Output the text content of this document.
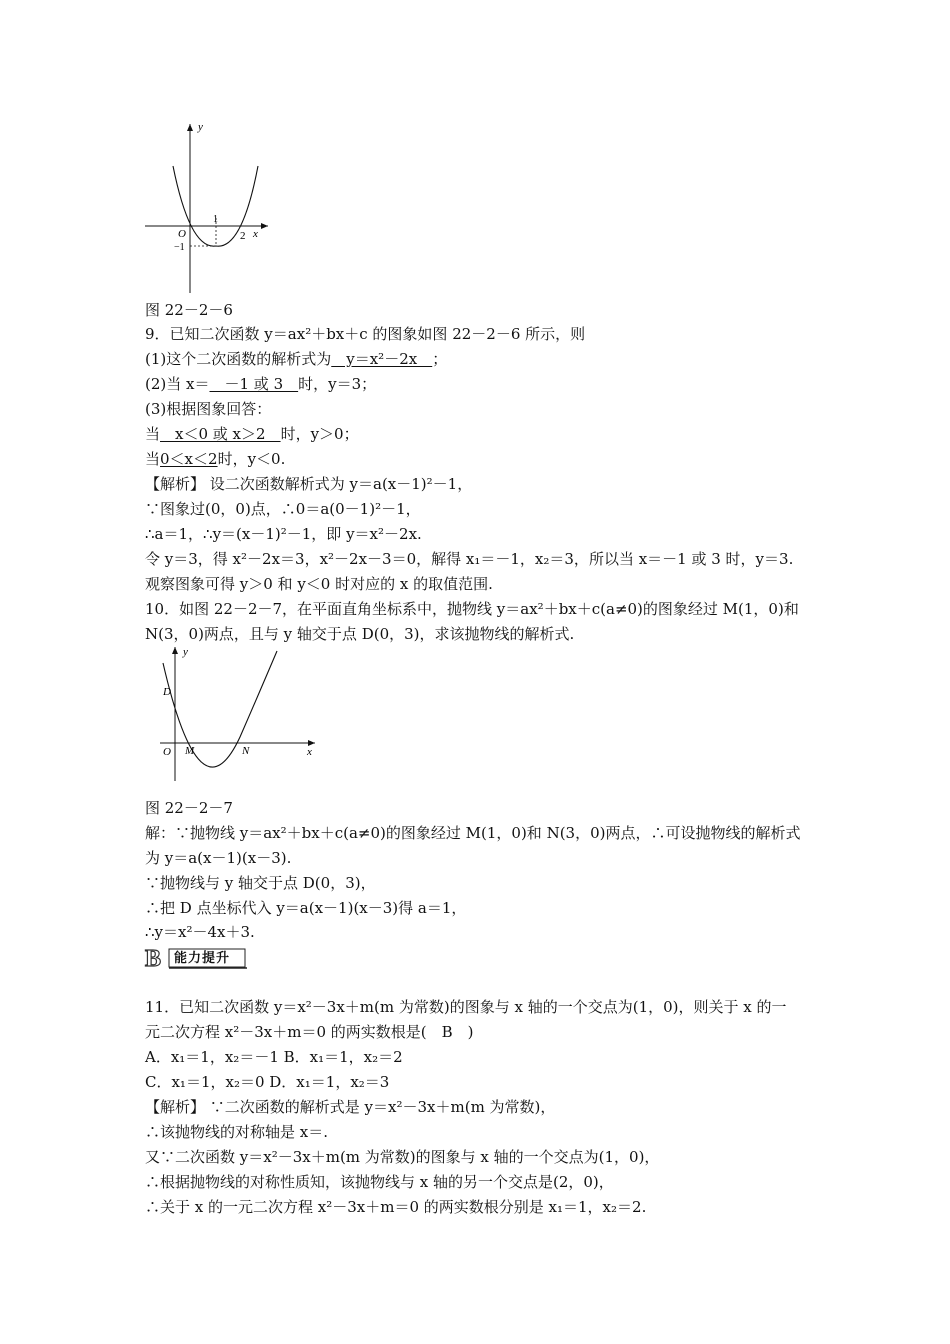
y
x
O
1
2
−1
图 22－2－6
9．已知二次函数 y＝ax²＋bx＋c 的图象如图 22－2－6 所示，则
(1)这个二次函数的解析式为　y＝x²－2x　；
(2)当 x＝　－1 或 3　时，y＝3；
(3)根据图象回答：
当　x＜0 或 x＞2　时，y＞0；
当0＜x＜2时，y＜0.
【解析】 设二次函数解析式为 y＝a(x－1)²－1，
∵图象过(0，0)点，∴0＝a(0－1)²－1，
∴a＝1，∴y＝(x－1)²－1，即 y＝x²－2x.
令 y＝3，得 x²－2x＝3，x²－2x－3＝0，解得 x₁＝－1，x₂＝3，所以当 x＝－1 或 3 时，y＝3.
观察图象可得 y＞0 和 y＜0 时对应的 x 的取值范围.
10．如图 22－2－7，在平面直角坐标系中，抛物线 y＝ax²＋bx＋c(a≠0)的图象经过 M(1，0)和
N(3，0)两点，且与 y 轴交于点 D(0，3)，求该抛物线的解析式.
y
x
O
D
M	N
图 22－2－7
解：∵抛物线 y＝ax²＋bx＋c(a≠0)的图象经过 M(1，0)和 N(3，0)两点，∴可设抛物线的解析式
为 y＝a(x－1)(x－3).
∵抛物线与 y 轴交于点 D(0，3)，
∴把 D 点坐标代入 y＝a(x－1)(x－3)得 a＝1，
∴y＝x²－4x＋3.
B 能力提升
11．已知二次函数 y＝x²－3x＋m(m 为常数)的图象与 x 轴的一个交点为(1，0)，则关于 x 的一
元二次方程 x²－3x＋m＝0 的两实数根是(　B　)
A．x₁＝1，x₂＝－1 B．x₁＝1，x₂＝2
C．x₁＝1，x₂＝0 D．x₁＝1，x₂＝3
【解析】 ∵二次函数的解析式是 y＝x²－3x＋m(m 为常数)，
∴该抛物线的对称轴是 x＝.
又∵二次函数 y＝x²－3x＋m(m 为常数)的图象与 x 轴的一个交点为(1，0)，
∴根据抛物线的对称性质知，该抛物线与 x 轴的另一个交点是(2，0)，
∴关于 x 的一元二次方程 x²－3x＋m＝0 的两实数根分别是 x₁＝1，x₂＝2.
